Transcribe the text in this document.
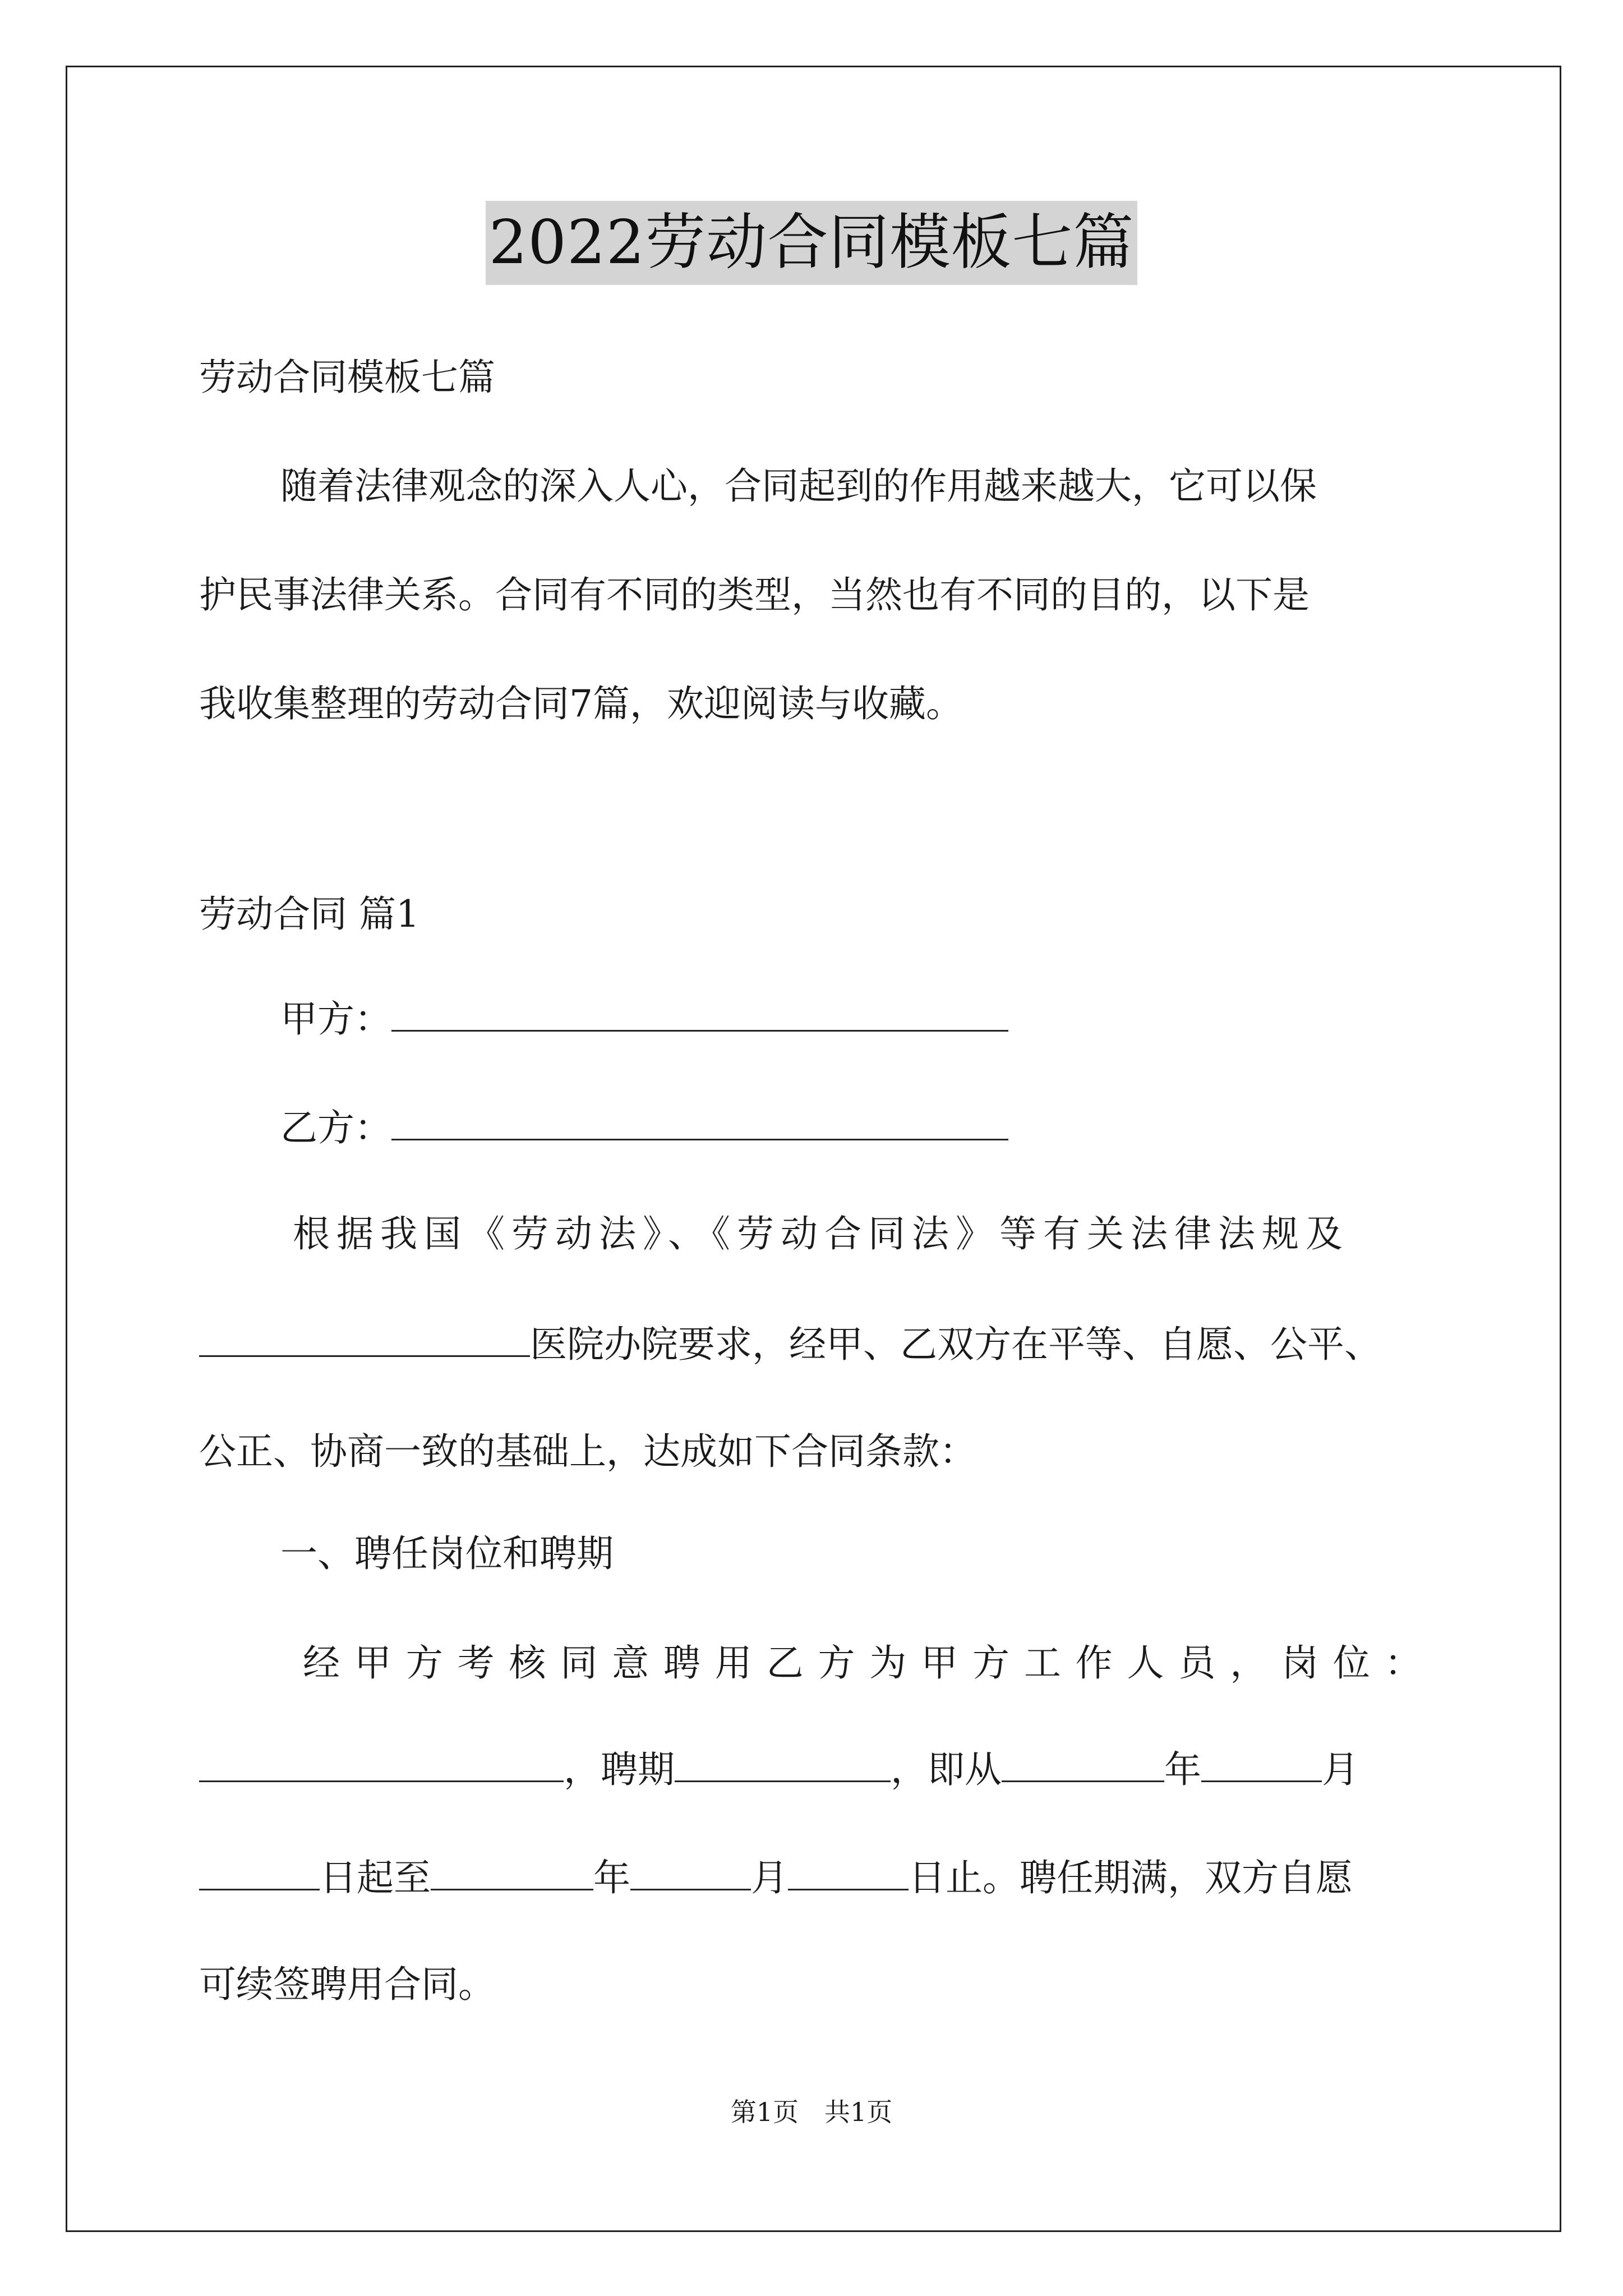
2022劳动合同模板七篇
劳动合同模板七篇
随着法律观念的深入人心，合同起到的作用越来越大，它可以保
护民事法律关系。合同有不同的类型，当然也有不同的目的，以下是
我收集整理的劳动合同7篇，欢迎阅读与收藏。
劳动合同 篇1
甲方：
乙方：
根据我国《劳动法》、《劳动合同法》等有关法律法规及
医院办院要求，经甲、乙双方在平等、自愿、公平、
公正、协商一致的基础上，达成如下合同条款：
一、聘任岗位和聘期
经 甲 方 考 核 同 意 聘 用 乙 方 为 甲 方 工 作 人 员 ， 岗 位 ：
，聘期	，即从	年	月
日起至	年	月	日止。聘任期满，双方自愿
可续签聘用合同。
第1页　共1页
